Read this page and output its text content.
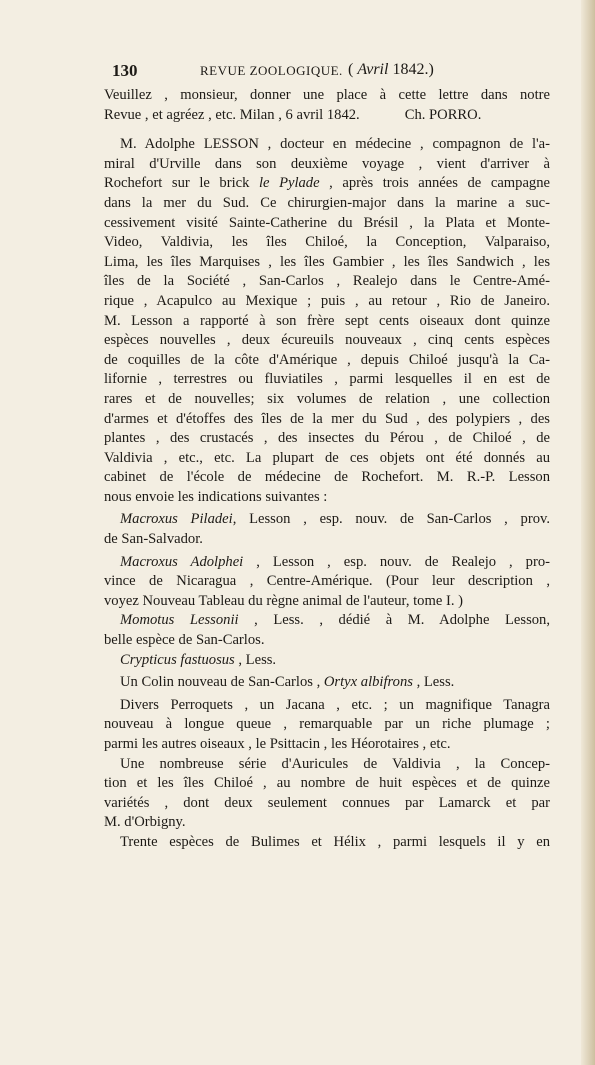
130	REVUE ZOOLOGIQUE. ( Avril 1842.)
Veuillez , monsieur, donner une place à cette lettre dans notre
Revue , et agréez , etc. Milan , 6 avril 1842.	Ch. PORRO.
M. Adolphe LESSON , docteur en médecine , compagnon de l'a-
miral d'Urville dans son deuxième voyage , vient d'arriver à
Rochefort sur le brick le Pylade , après trois années de campagne
dans la mer du Sud. Ce chirurgien-major dans la marine a suc-
cessivement visité Sainte-Catherine du Brésil , la Plata et Monte-
Video, Valdivia, les îles Chiloé, la Conception, Valparaiso,
Lima, les îles Marquises , les îles Gambier , les îles Sandwich , les
îles de la Société , San-Carlos , Realejo dans le Centre-Amé-
rique , Acapulco au Mexique ; puis , au retour , Rio de Janeiro.
M. Lesson a rapporté à son frère sept cents oiseaux dont quinze
espèces nouvelles , deux écureuils nouveaux , cinq cents espèces
de coquilles de la côte d'Amérique , depuis Chiloé jusqu'à la Ca-
lifornie , terrestres ou fluviatiles , parmi lesquelles il en est de
rares et de nouvelles; six volumes de relation , une collection
d'armes et d'étoffes des îles de la mer du Sud , des polypiers , des
plantes , des crustacés , des insectes du Pérou , de Chiloé , de
Valdivia , etc., etc. La plupart de ces objets ont été donnés au
cabinet de l'école de médecine de Rochefort. M. R.-P. Lesson
nous envoie les indications suivantes :
Macroxus Piladei, Lesson , esp. nouv. de San-Carlos , prov.
de San-Salvador.
Macroxus Adolphei , Lesson , esp. nouv. de Realejo , pro-
vince de Nicaragua , Centre-Amérique. (Pour leur description ,
voyez Nouveau Tableau du règne animal de l'auteur, tome I. )
Momotus Lessonii , Less. , dédié à M. Adolphe Lesson,
belle espèce de San-Carlos.
Crypticus fastuosus , Less.
Un Colin nouveau de San-Carlos , Ortyx albifrons , Less.
Divers Perroquets , un Jacana , etc. ; un magnifique Tanagra
nouveau à longue queue , remarquable par un riche plumage ;
parmi les autres oiseaux , le Psittacin , les Héorotaires , etc.
Une nombreuse série d'Auricules de Valdivia , la Concep-
tion et les îles Chiloé , au nombre de huit espèces et de quinze
variétés , dont deux seulement connues par Lamarck et par
M. d'Orbigny.
Trente espèces de Bulimes et Hélix , parmi lesquels il y en
